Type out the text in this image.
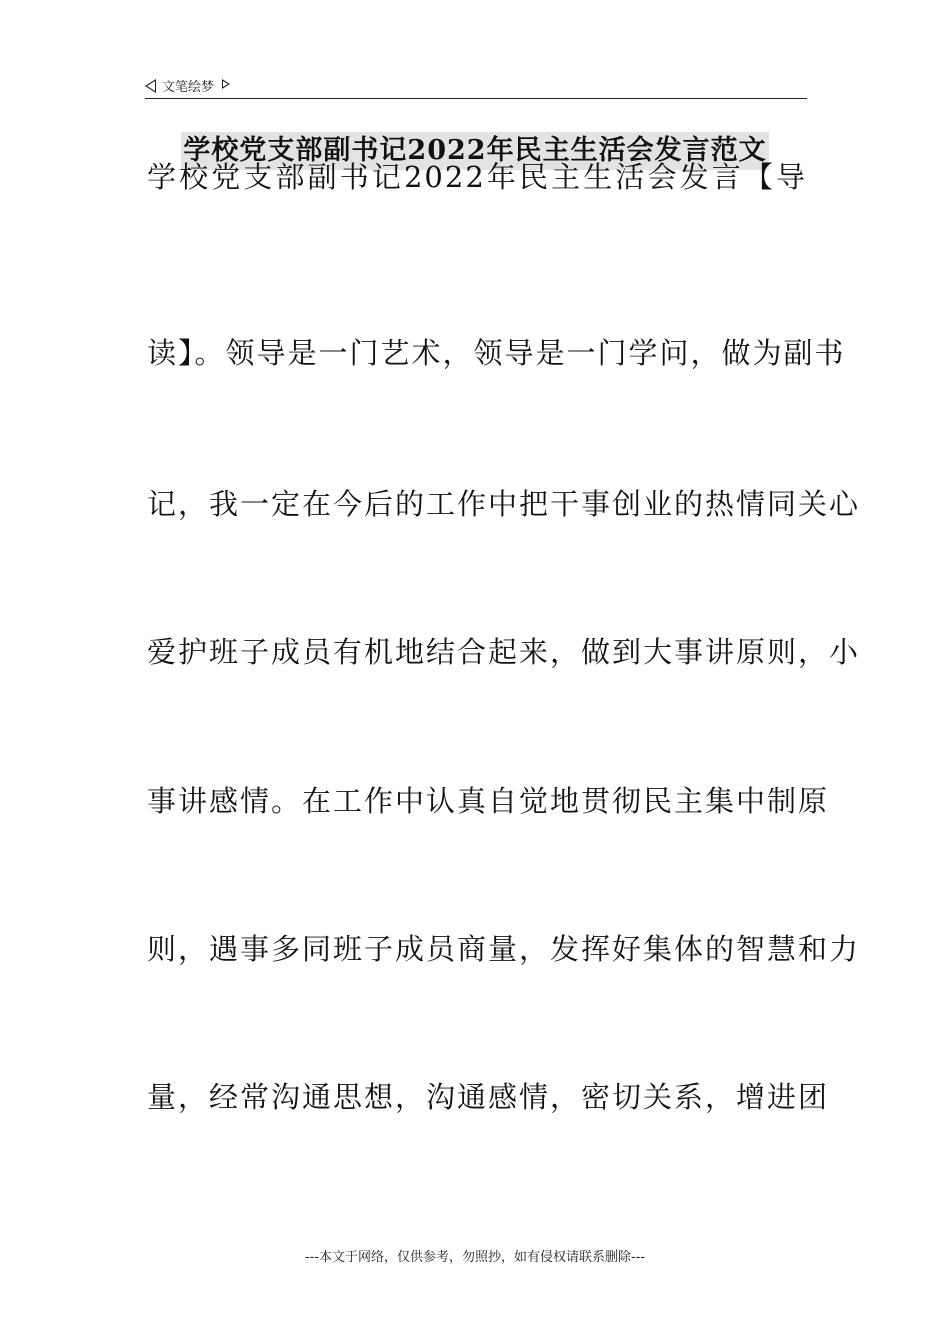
文笔绘梦
学校党支部副书记2022年民主生活会发言范文
学校党支部副书记2022年民主生活会发言【导
读】。领导是一门艺术，领导是一门学问，做为副书
记，我一定在今后的工作中把干事创业的热情同关心
爱护班子成员有机地结合起来，做到大事讲原则，小
事讲感情。在工作中认真自觉地贯彻民主集中制原
则，遇事多同班子成员商量，发挥好集体的智慧和力
量，经常沟通思想，沟通感情，密切关系，增进团
---本文于网络，仅供参考，勿照抄，如有侵权请联系删除---
